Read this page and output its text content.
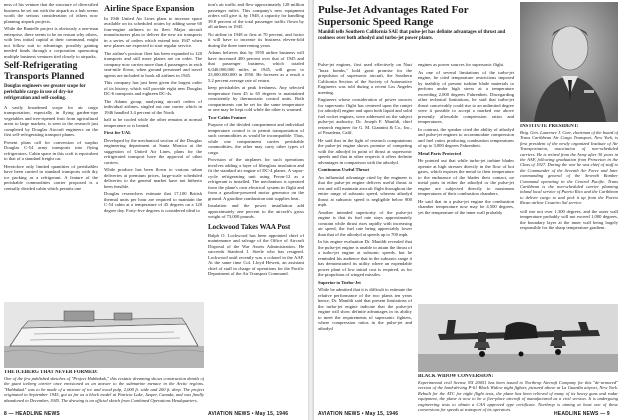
ness of his venture that the structure of diversified business he set out with the airpark as a hub seems worth the serious consideration of others now planning airpark projects.

While the Bantelle project is obviously a one-man enterprise, there seems to be no reason why others, with less initial capital at their command, might not follow suit to advantage, possibly gaining needed funds through a corporation sponsoring multiple business ventures tied closely to airparks.

Self-Refrigerating Transports Planned

Douglas engineers see greater scope for perishable cargo in use of dry-ice refrigeration and self-cooling.

A vastly broadened scope for air cargo transportation, especially in flying garden-ripe vegetables and tree-ripened fruit from agricultural areas to large markets, is seen in the research just completed by Douglas Aircraft engineers on the first self-refrigerating transport planes.

Present plans call for conversion of surplus Douglas C-54 army transports into flying refrigerators. Cabin space in this craft is equivalent to that of a standard freight car.

Heretofore only limited quantities of perishables have been carried in standard transports with dry ice packing as a refrigerant. A feature of the perishable commodities carrier proposed is a centrally divided cabin which permits one

Airline Space Expansion

In 1946 United Air Lines plans to increase space available on its scheduled routes by adding some 60 four-engine airliners to its fleet. Major aircraft manufacturers plan to deliver the new air transports in a series of orders which extend into 1947 when new planes are expected to start regular service.

The airline's postwar fleet has been expanded to 120 transports and still more planes are on order. The company now carries more than 4 passengers in each seat-mile flown, when ground personnel and travel agents are included to book all airlines in 1945.

This company has just been given the largest order of its history, which will provide eight new Douglas DC-6 transports and eighteen DC-4s.

The Adams group, analyzing aircraft orders of individual airlines, singled out one carrier which in 1946 handled 3.4 percent of the North

half to be cooled while the other remains at normal temperature or is heated.

First for UAL

Developed by the mechanical section of the Douglas engineering department at Santa Monica at the suggestion of United Air Lines, plans for the refrigerated transport have the approval of other carriers.

While produce has been flown to various urban deliveries at premium prices, large-scale scheduled deliveries to the general market have not hitherto been feasible.

Douglas researchers estimate that 17,100 British thermal units per hour are required to maintain the C-54 cabin at a temperature of 45 degrees on a 120 degree day. Forty-five degrees is considered ideal to

tion's air traffic and flew approximately 128 million passenger miles. This company's new equipment orders will give it, by 1948, a capacity for handling 39.8 percent of the total passenger traffic flown by all airlines in 1945.

No airline in 1948 or first at 70 percent, and factor it will have to increase its business eleven-fold during the three intervening years.

Adams believes that by 1950 airline business will have increased 400 percent over that of 1945 and that passenger business, which totaled 6,040,000,000 miles in 1945, will grow to 23,000,000,000 in 1950. He foresees as a result a 5.2 percent average rate of return.

keep perishables at peak freshness. Any selected temperature from 45 to 65 degrees is maintained consistently by thermostatic control units. Both compartments can be set for the same temperature or one may be kept cold while the other is warmed.

Two-Cabin Feature

Purpose of the divided compartment and individual temperature control is to permit transportation of such commodities as would be incompatible. Thus, while one compartment carries perishable commodities, the other may carry other types of cargo.

Provision of the airplanes for such operations involves adding a layer of fiberglass insulation and fit the standard air engine of DC-4 planes. A vapor-cycle refrigerating unit using Freon-12 as a refrigerant is installed. The mechanism is operated from the plane's own electrical system in flight and from a gasoline-powered motor generator on the ground. A gasoline combustion unit supplies heat.

Insulation and the power installation add approximately one percent to the aircraft's gross weight of 73,000 pounds.

Lockwood Takes WAA Post

Ralph O. Lockwood has been appointed chief of maintenance and salvage of the Office of Aircraft Disposal of the War Assets Administration. He succeeds Stanford J. Steele who has resigned. Lockwood until recently was a colonel in the AAF. At the same time Col. Lloyd Hewett, an assistant chief of staff in charge of operations for the Pacific Department of the Air Transport Command.

THE ICEBERG THAT NEVER FORMED:

One of the few published sketches of "Project Habbakuk," this ecstatic dreaming shows construction details of the giant iceberg carrier once envisioned as an answer to the submarine menace in the Arctic regions. "Habbakuk" was to be made of a mixture of ice and wood pulp, 2,000 ft. wide and 200 ft. deep. The project originated in September 1945, got as far as a block model at Patricia Lake, Jasper, Canada, and was finally abandoned in December, 1945. The drawing is an official sketch from Combined Operations Headquarters.

8 — HEADLINE NEWS	AVIATION NEWS • May 15, 1946
Pulse-Jet Advantages Rated For Supersonic Speed Range

Manildi tells Southern California SAE that pulse-jet has definite advantages of thrust and coolness over both athodyd and turbo-jet power plants.

Pulse-jet engines, first used effectively on Nazi "buzz bombs," hold great promise for the propulsion of supersonic aircraft, the Southern California Section of the Society of Automotive Engineers was told during a recent Los Angeles meeting.

Engineers whose consideration of power sources for supersonic flight has centered upon the ramjet (or athodyd) engine and upon both liquid and solid fuel rocket engines, were addressed on the subject pulse-jet authority, Dr. Joseph F. Manildi, chief research engineer for G. M. Giannini & Co., Inc., of Pasadena, Calif.

He said that in the light of research computations the pulse-jet engine shows promise of competing with the athodyd in point of thrust at supersonic speeds and that in other respects it offers definite advantages in comparison with the athodyd.

Continuous Useful Thrust

An influential advantage cited by the engineer is that the pulse-jet engine delivers useful thrust at rest and will maintain aircraft flight throughout the entire range of subsonic speed, whereas athodyd thrust at subsonic speed is negligible below 800 mph.

Another intended superiority of the pulse-jet engine is that its fuel rate stays approximately constant while thrust rises rapidly with increasing air speed, the fuel rate being appreciably lower than that of the athodyd at speeds up to 700 mph.

In his engine evaluation Dr. Manildi revealed that the pulse-jet engine is unable to attain the thrust of a turbo-jet engine at subsonic speeds, but he reminded his audience that in the subsonic range it has demonstrated its utility where an expendable power plant of low initial cost is required, as for the propulsion of winged missiles.

Superior to Turbo-Jet

While he admitted that it is difficult to estimate the relative performance of the two plants ten years hence, Dr. Manildi said that present limitations of the turbo-jet engine indicate that the pulse-jet engine will show definite advantages in its ability to meet the requirements of supersonic fighters, where compression ratios in the pulse-jet and athodyd

engines as power sources for supersonic flight.

As one of several limitations of the turbo-jet engine, he cited temperature restrictions imposed by inability of present turbine blade materials to perform under high stress at a temperature exceeding 2,000 degrees Fahrenheit. Disregarding other technical limitations, he said that turbo-jet thrust conceivably could rise to an unlimited degree were it possible to accept a marked rise above presently allowable compression ratios and temperatures.

In contrast, the speaker cited the ability of athodyd and pulse-jet engines to accommodate compression and fuel ratios producing combustion temperatures of up to 3,000 degrees Fahrenheit.

Metal Parts Protected

He pointed out that while turbo-jet turbine blades operate at high stresses directly in the flow of hot gases, which exposes the metal to their temperature to the endurance of the blades their contact, no metal parts in either the athodyd or the pulse-jet engine are subjected directly to maximum temperatures of their combustion chambers.

He said that in a pulse-jet engine the combustion chamber temperature now may be 4,500 degrees, yet the temperature of the inner wall probably

INSTITUTE PRESIDENT:

Brig. Gen. Laurence J. Carr, chairman of the board of Trans Caribbean Air Cargo Transport, New York, is first president of the newly organized Institute of Air Transportation, association of non-scheduled carriers. He is retired from the Army after 30 years in the AAF, following graduation from Princeton in the Class of 1927. During the war he was chief of staff to the Commander of the Seventh Air Force and later commanding general of the Seventh Bomber Command operating in the Central Pacific. Trans Caribbean is the non-scheduled carrier planning inland local service of Puerto Rico and the Caribbean to deliver cargo to and pick it up from the Puerto Rican airline Cruzeiro Sul service.

will rise not over 1,300 degrees, and the outer wall temperature probably will not exceed 1,000 degrees, the boundary layer at the inner wall being largely responsible for the sharp temperature gradient.

BLACK WIDOW CONVERSION:

Experimental civil license NX 20051 has been issued to Northrop Aircraft Company for this "de-armored" version of the hard-driving P-61 Black Widow night fighter, pictured above at La Guardia airport, New York. Rebuilt for the ATC for night flight tests, the plane has been relieved of many of its heavy guns and radar equipment, the plane is now to be a five-place aircraft of manufactured as a civil version. It is undergoing engineering tests to obtain a CAA approved type certificate. Northrop is aiming at least one of these conversions for speeds at transport of its operators.

AVIATION NEWS • May 15, 1946	HEADLINE NEWS — 9
